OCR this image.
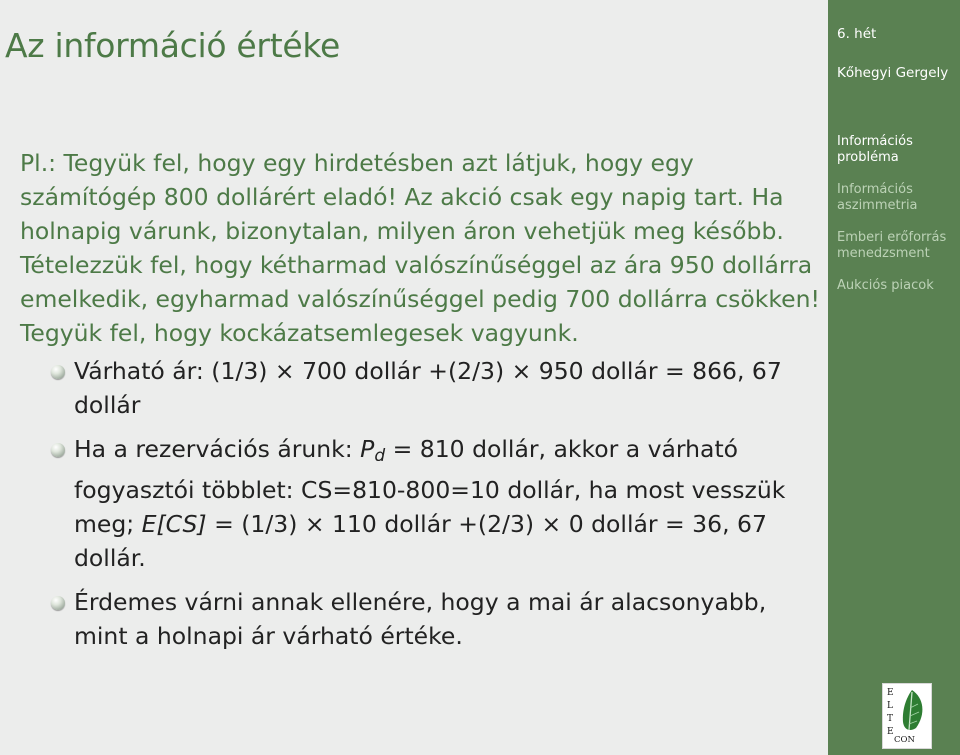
Az információ értéke

Pl.: Tegyük fel, hogy egy hirdetésben azt látjuk, hogy egy
számítógép 800 dollárért eladó! Az akció csak egy napig tart. Ha
holnapig várunk, bizonytalan, milyen áron vehetjük meg később.
Tételezzük fel, hogy kétharmad valószínűséggel az ára 950 dollárra
emelkedik, egyharmad valószínűséggel pedig 700 dollárra csökken!
Tegyük fel, hogy kockázatsemlegesek vagyunk.

Várható ár: (1/3) × 700 dollár +(2/3) × 950 dollár = 866, 67
dollár
Ha a rezervációs árunk: $P_d = 810$ dollár, akkor a várható
fogyasztói többlet: CS=810-800=10 dollár, ha most vesszük
meg; E[CS] = (1/3) × 110 dollár +(2/3) × 0 dollár = 36, 67
dollár.
Érdemes várni annak ellenére, hogy a mai ár alacsonyabb,
mint a holnapi ár várható értéke.
6. hét
Kőhegyi Gergely
Információs
probléma
Információs
aszimmetria
Emberi erőforrás
menedzsment
Aukciós piacok
E
L
T
E
CON
